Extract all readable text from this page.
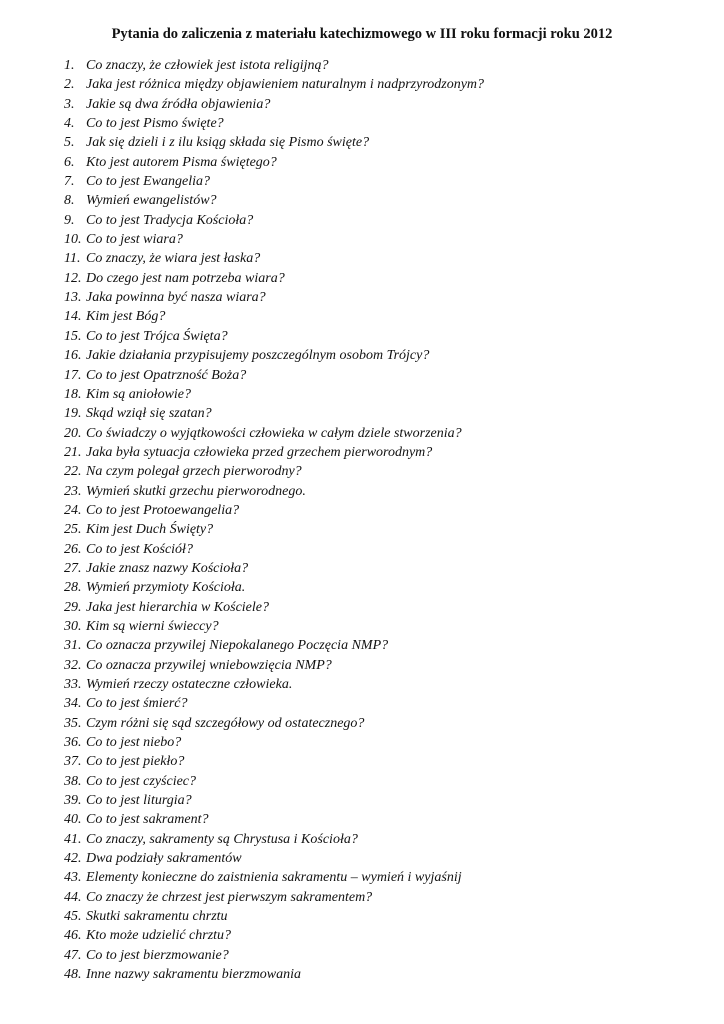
Pytania do zaliczenia z materiału katechizmowego w III roku formacji roku 2012
1. Co znaczy, że człowiek jest istota religijną?
2. Jaka jest różnica między objawieniem naturalnym i nadprzyrodzonym?
3. Jakie są dwa źródła objawienia?
4. Co to jest Pismo święte?
5. Jak się dzieli i z ilu ksiąg składa się Pismo święte?
6. Kto jest autorem Pisma świętego?
7. Co to jest Ewangelia?
8. Wymień ewangelistów?
9. Co to jest Tradycja Kościoła?
10. Co to jest wiara?
11. Co znaczy, że wiara jest łaska?
12. Do czego jest nam potrzeba wiara?
13. Jaka powinna być nasza wiara?
14. Kim jest Bóg?
15. Co to jest Trójca Święta?
16. Jakie działania przypisujemy poszczególnym osobom Trójcy?
17. Co to jest Opatrzność Boża?
18. Kim są aniołowie?
19. Skąd wziął się szatan?
20. Co świadczy o wyjątkowości człowieka w całym dziele stworzenia?
21. Jaka była sytuacja człowieka przed grzechem pierworodnym?
22. Na czym polegał grzech pierworodny?
23. Wymień skutki grzechu pierworodnego.
24. Co to jest Protoewangelia?
25. Kim jest Duch Święty?
26. Co to jest Kościół?
27. Jakie znasz nazwy Kościoła?
28. Wymień przymioty Kościoła.
29. Jaka jest hierarchia w Kościele?
30. Kim są wierni świeccy?
31. Co oznacza przywilej Niepokalanego Poczęcia NMP?
32. Co oznacza przywilej wniebowzięcia NMP?
33. Wymień rzeczy ostateczne człowieka.
34. Co to jest śmierć?
35. Czym różni się sąd szczegółowy od ostatecznego?
36. Co to jest niebo?
37. Co to jest piekło?
38. Co to jest czyściec?
39. Co to jest liturgia?
40. Co to jest sakrament?
41. Co znaczy, sakramenty są Chrystusa i Kościoła?
42. Dwa podziały sakramentów
43. Elementy konieczne do zaistnienia sakramentu – wymień i wyjaśnij
44. Co znaczy że chrzest jest pierwszym sakramentem?
45. Skutki sakramentu chrztu
46. Kto może udzielić chrztu?
47. Co to jest bierzmowanie?
48. Inne nazwy sakramentu bierzmowania
